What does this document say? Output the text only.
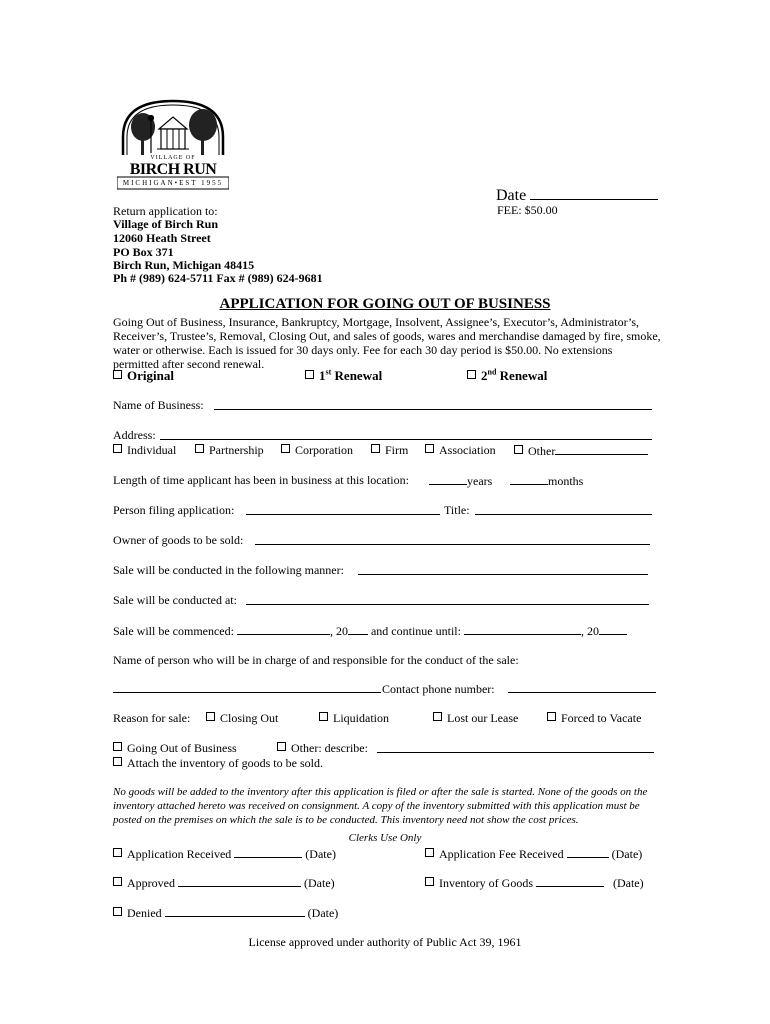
VILLAGE OF
BIRCH RUN
MICHIGAN•EST 1955
Date
FEE: $50.00
Return application to:
Village of Birch Run
12060 Heath Street
PO Box 371
Birch Run, Michigan 48415
Ph # (989) 624-5711 Fax # (989) 624-9681
APPLICATION FOR GOING OUT OF BUSINESS
Going Out of Business, Insurance, Bankruptcy, Mortgage, Insolvent, Assignee’s, Executor’s, Administrator’s, Receiver’s, Trustee’s, Removal, Closing Out, and sales of goods, wares and merchandise damaged by fire, smoke, water or otherwise. Each is issued for 30 days only. Fee for each 30 day period is $50.00. No extensions permitted after second renewal.
Original	1st Renewal	2nd Renewal
Name of Business:
Address:
Individual	Partnership	Corporation	Firm	Association	Other
Length of time applicant has been in business at this location:	years	months
Person filing application:	Title:
Owner of goods to be sold:
Sale will be conducted in the following manner:
Sale will be conducted at:
Sale will be commenced:	, 20 and continue until:	, 20
Name of person who will be in charge of and responsible for the conduct of the sale:
Contact phone number:
Reason for sale:	Closing Out	Liquidation	Lost our Lease	Forced to Vacate
Going Out of Business	Other: describe:
Attach the inventory of goods to be sold.
No goods will be added to the inventory after this application is filed or after the sale is started. None of the goods on the inventory attached hereto was received on consignment. A copy of the inventory submitted with this application must be posted on the premises on which the sale is to be conducted. This inventory need not show the cost prices.
Clerks Use Only
Application Received	(Date)	Application Fee Received	(Date)
Approved	(Date)	Inventory of Goods	(Date)
Denied	(Date)
License approved under authority of Public Act 39, 1961
